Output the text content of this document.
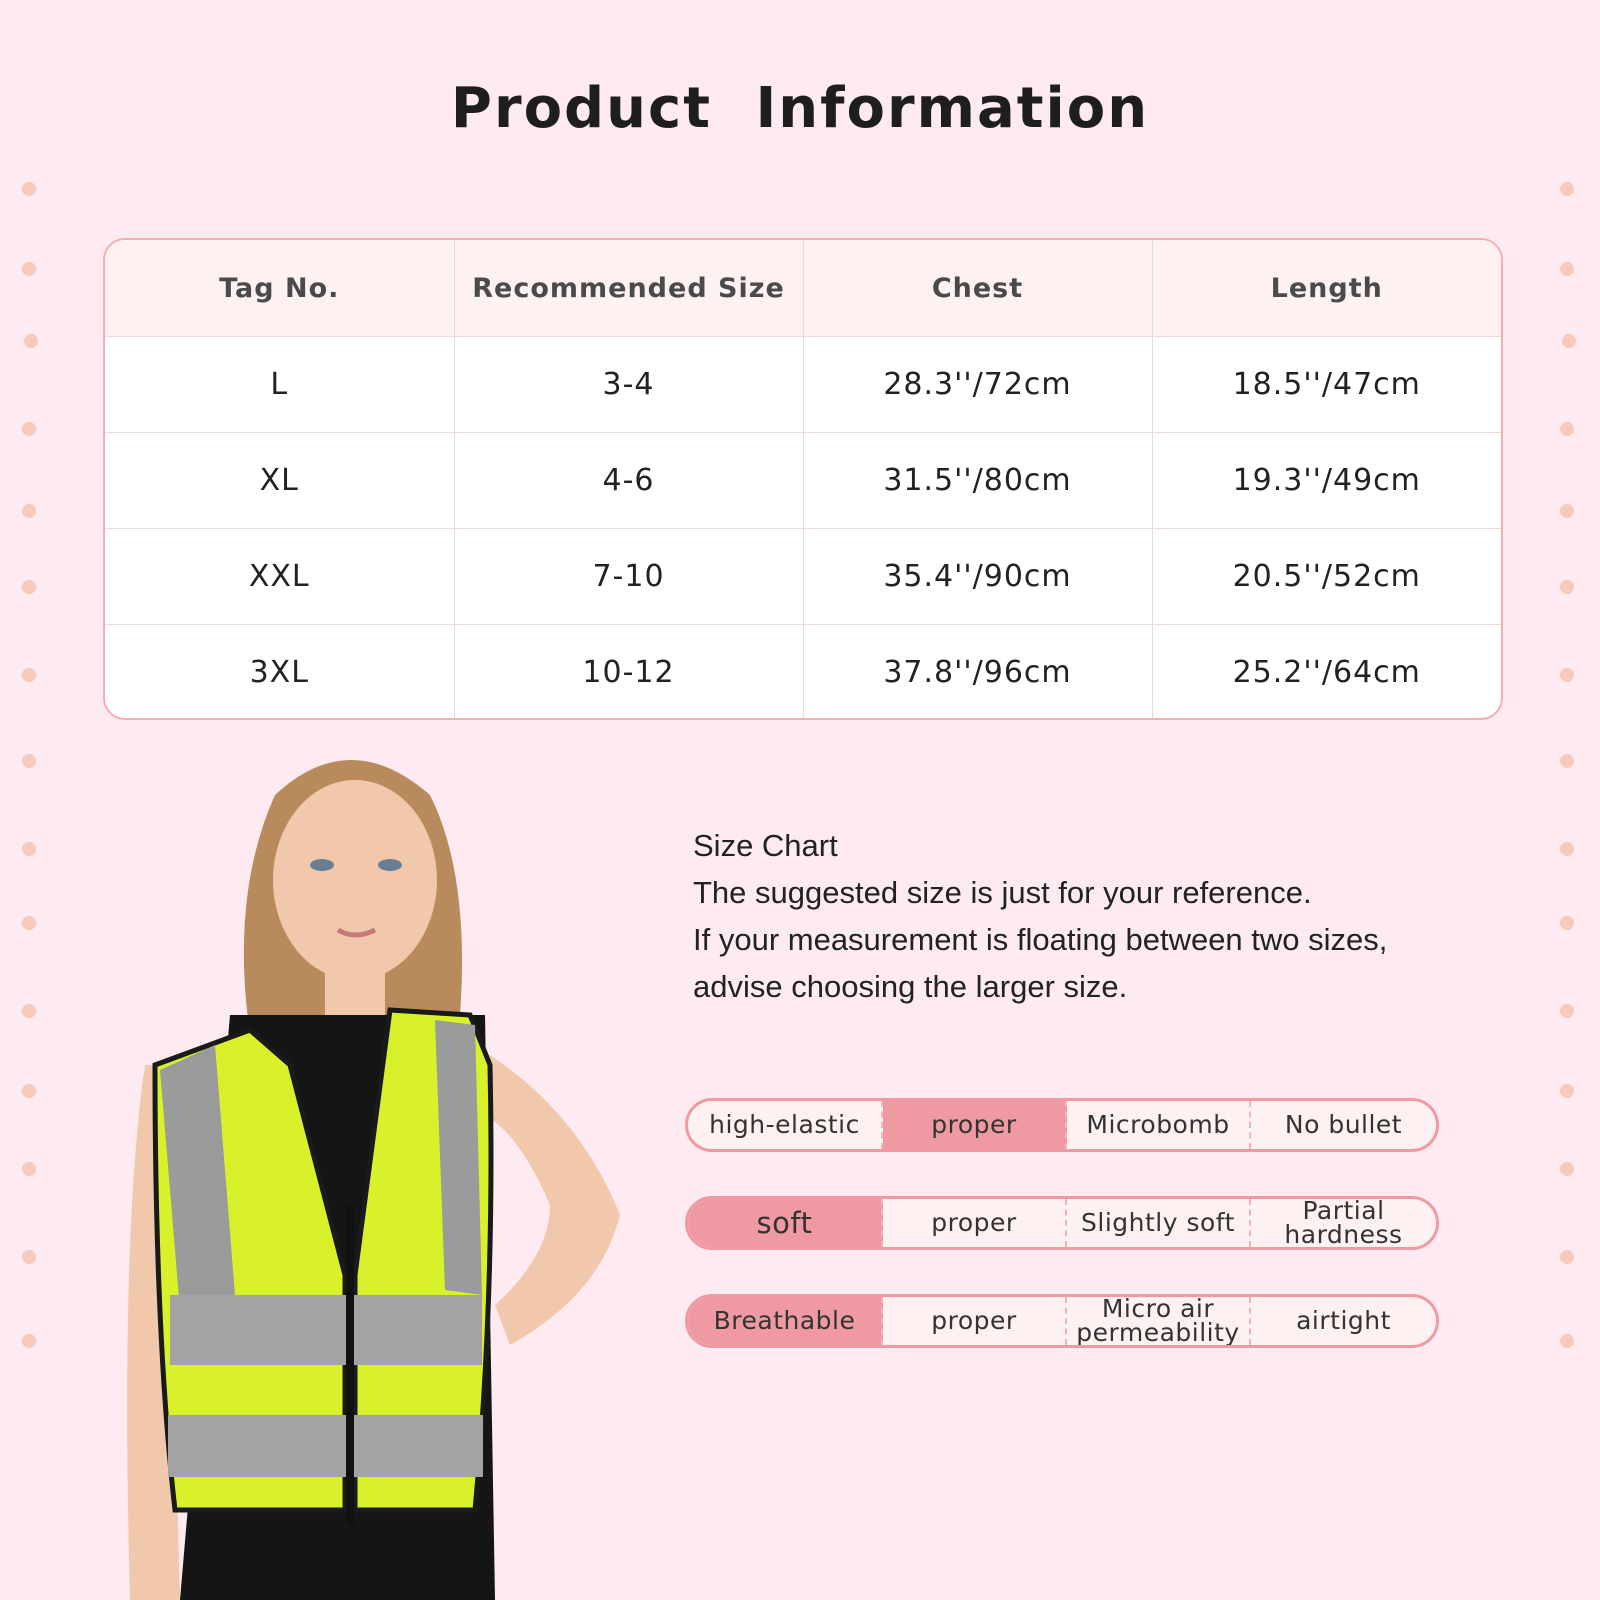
Product Information
Tag No.	Recommended Size	Chest	Length
L	3-4	28.3''/72cm	18.5''/47cm
XL	4-6	31.5''/80cm	19.3''/49cm
XXL	7-10	35.4''/90cm	20.5''/52cm
3XL	10-12	37.8''/96cm	25.2''/64cm
Size Chart
The suggested size is just for your reference.
If your measurement is floating between two sizes,
advise choosing the larger size.
high-elastic	proper	Microbomb	No bullet
soft	proper	Slightly soft	Partial hardness
Breathable	proper	Micro air permeability	airtight
